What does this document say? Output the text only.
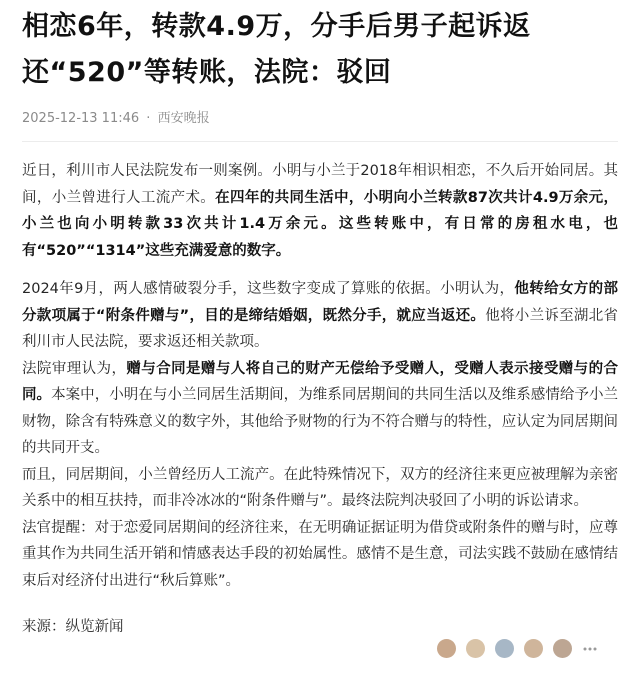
相恋6年，转款4.9万，分手后男子起诉返
还“520”等转账，法院：驳回
2025-12-13 11:46 · 西安晚报

近日，利川市人民法院发布一则案例。小明与小兰于2018年相识相恋，不久后开始同居。其间，小兰曾进行人工流产术。在四年的共同生活中，小明向小兰转款87次共计4.9万余元，小兰也向小明转款33次共计1.4万余元。这些转账中，有日常的房租水电，也有“520”“1314”这些充满爱意的数字。

2024年9月，两人感情破裂分手，这些数字变成了算账的依据。小明认为，他转给女方的部分款项属于“附条件赠与”，目的是缔结婚姻，既然分手，就应当返还。他将小兰诉至湖北省利川市人民法院，要求返还相关款项。

法院审理认为，赠与合同是赠与人将自己的财产无偿给予受赠人，受赠人表示接受赠与的合同。本案中，小明在与小兰同居生活期间，为维系同居期间的共同生活以及维系感情给予小兰财物，除含有特殊意义的数字外，其他给予财物的行为不符合赠与的特性，应认定为同居期间的共同开支。

而且，同居期间，小兰曾经历人工流产。在此特殊情况下，双方的经济往来更应被理解为亲密关系中的相互扶持，而非冷冰冰的“附条件赠与”。最终法院判决驳回了小明的诉讼请求。

法官提醒：对于恋爱同居期间的经济往来，在无明确证据证明为借贷或附条件的赠与时，应尊重其作为共同生活开销和情感表达手段的初始属性。感情不是生意，司法实践不鼓励在感情结束后对经济付出进行“秋后算账”。

来源：纵览新闻
